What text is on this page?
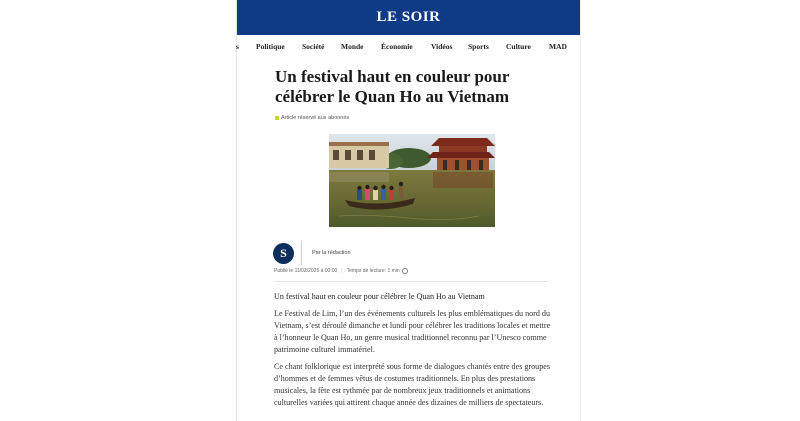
LE SOIR
s Politique Société Monde Économie Vidéos Sports Culture MAD
Un festival haut en couleur pour célébrer le Quan Ho au Vietnam
Article réservé aux abonnés
S	Par la rédaction
Publié le 11/02/2025 à 00:00 | Temps de lecture: 1 min

Un festival haut en couleur pour célébrer le Quan Ho au Vietnam

Le Festival de Lim, l’un des événements culturels les plus emblématiques du nord du Vietnam, s’est déroulé dimanche et lundi pour célébrer les traditions locales et mettre à l’honneur le Quan Ho, un genre musical traditionnel reconnu par l’Unesco comme patrimoine culturel immatériel.

Ce chant folklorique est interprété sous forme de dialogues chantés entre des groupes d’hommes et de femmes vêtus de costumes traditionnels. En plus des prestations musicales, la fête est rythmée par de nombreux jeux traditionnels et animations culturelles variées qui attirent chaque année des dizaines de milliers de spectateurs.
